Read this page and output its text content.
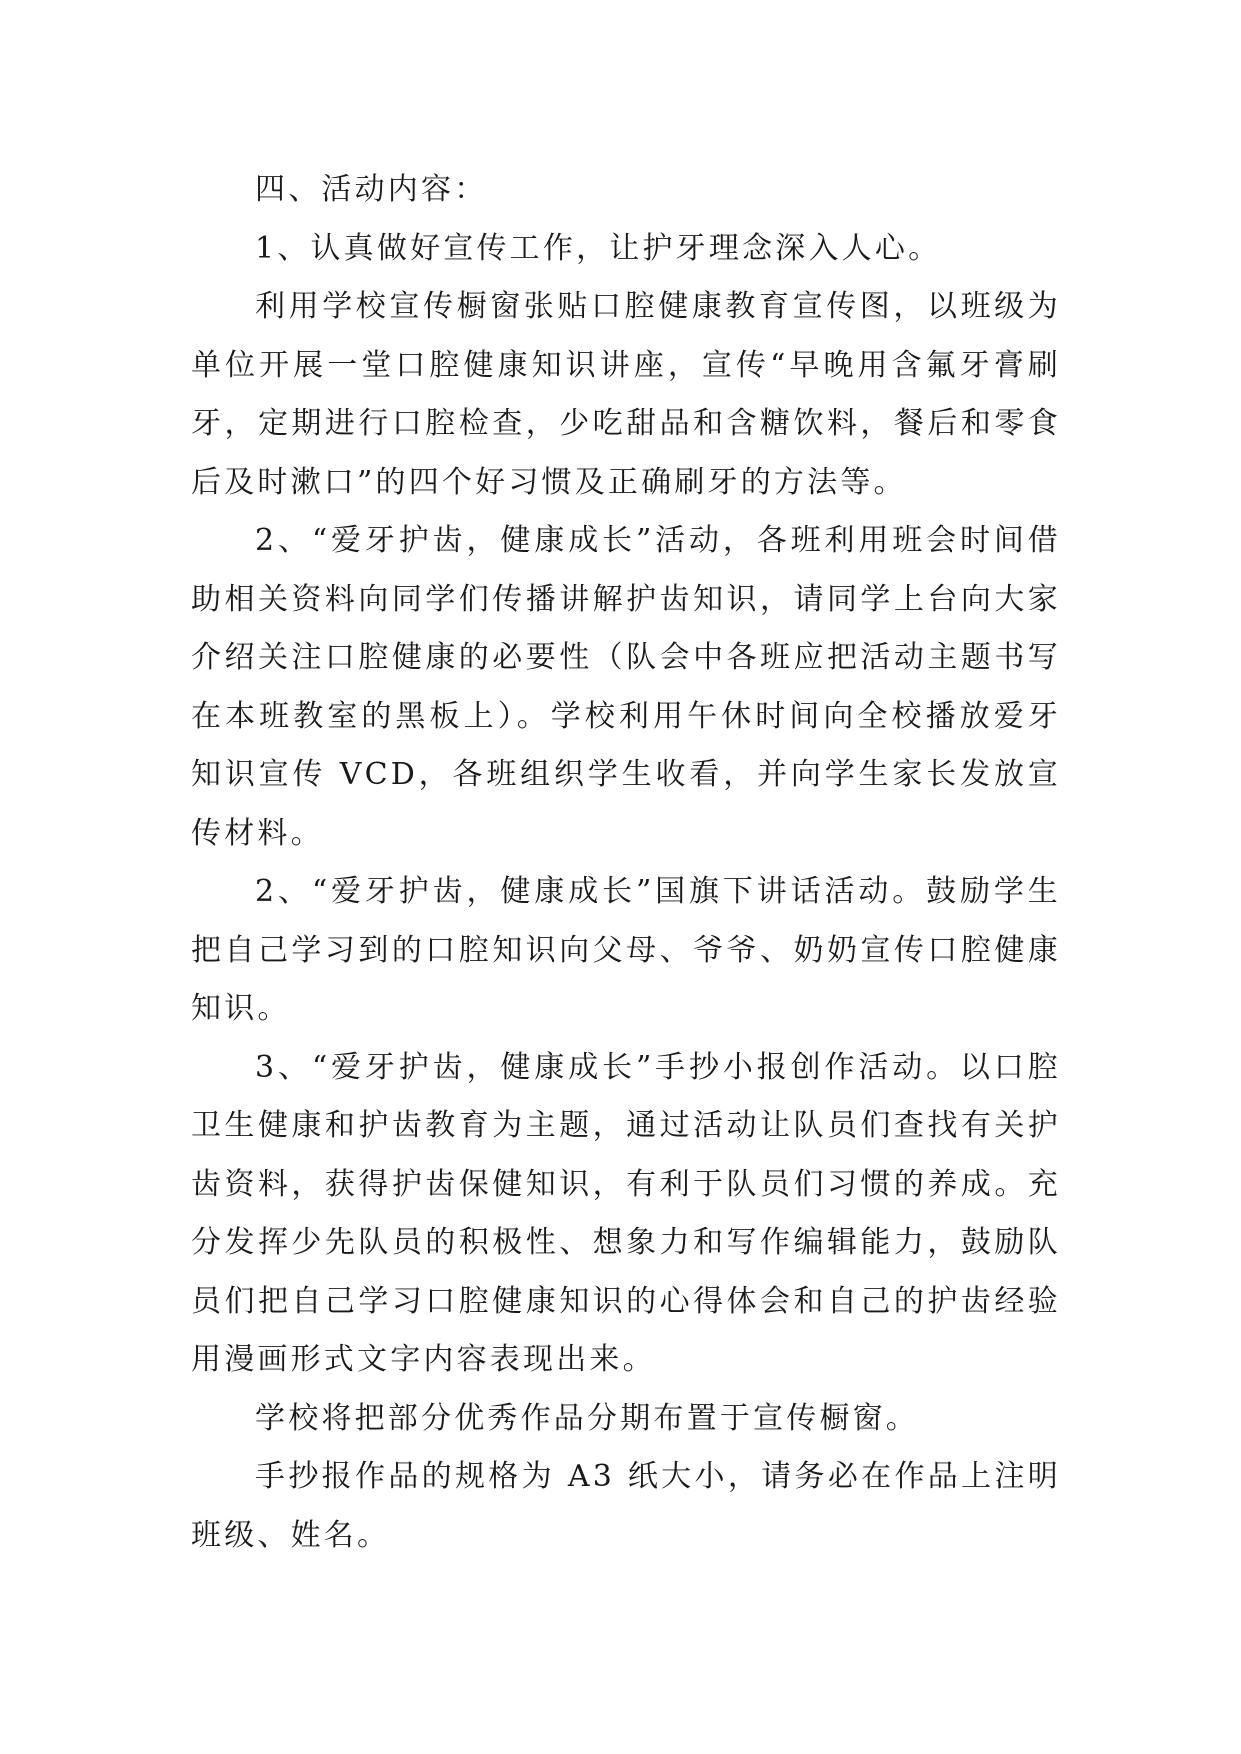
四、活动内容：

1、认真做好宣传工作，让护牙理念深入人心。

利用学校宣传橱窗张贴口腔健康教育宣传图，以班级为单位开展一堂口腔健康知识讲座，宣传“早晚用含氟牙膏刷牙，定期进行口腔检查，少吃甜品和含糖饮料，餐后和零食后及时漱口”的四个好习惯及正确刷牙的方法等。

2、“爱牙护齿，健康成长”活动，各班利用班会时间借助相关资料向同学们传播讲解护齿知识，请同学上台向大家介绍关注口腔健康的必要性（队会中各班应把活动主题书写在本班教室的黑板上）。学校利用午休时间向全校播放爱牙知识宣传 VCD，各班组织学生收看，并向学生家长发放宣传材料。

2、“爱牙护齿，健康成长”国旗下讲话活动。鼓励学生把自己学习到的口腔知识向父母、爷爷、奶奶宣传口腔健康知识。

3、“爱牙护齿，健康成长”手抄小报创作活动。以口腔卫生健康和护齿教育为主题，通过活动让队员们查找有关护齿资料，获得护齿保健知识，有利于队员们习惯的养成。充分发挥少先队员的积极性、想象力和写作编辑能力，鼓励队员们把自己学习口腔健康知识的心得体会和自己的护齿经验用漫画形式文字内容表现出来。

学校将把部分优秀作品分期布置于宣传橱窗。

手抄报作品的规格为 A3 纸大小，请务必在作品上注明班级、姓名。
